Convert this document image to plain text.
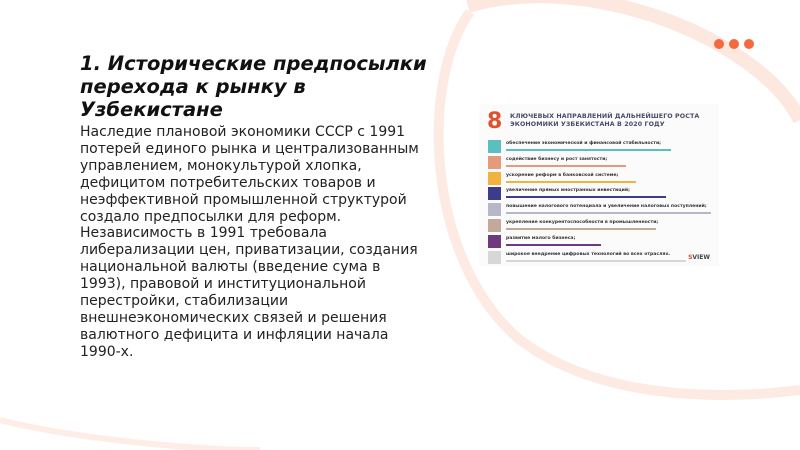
1. Исторические предпосылки перехода к рынку в Узбекистане

Наследие плановой экономики СССР с 1991 потерей единого рынка и централизованным управлением, монокультурой хлопка, дефицитом потребительских товаров и неэффективной промышленной структурой создало предпосылки для реформ. Независимость в 1991 требовала либерализации цен, приватизации, создания национальной валюты (введение сума в 1993), правовой и институциональной перестройки, стабилизации внешнеэкономических связей и решения валютного дефицита и инфляции начала 1990-х.

8 КЛЮЧЕВЫХ НАПРАВЛЕНИЙ ДАЛЬНЕЙШЕГО РОСТА ЭКОНОМИКИ УЗБЕКИСТАНА В 2020 ГОДУ
обеспечение экономической и финансовой стабильности;
содействие бизнесу и рост занятости;
ускорение реформ в банковской системе;
увеличение прямых иностранных инвестиций;
повышение налогового потенциала и увеличение налоговых поступлений;
укрепление конкурентоспособности в промышленности;
развитие малого бизнеса;
широкое внедрение цифровых технологий во всех отраслях.	SVIEW
